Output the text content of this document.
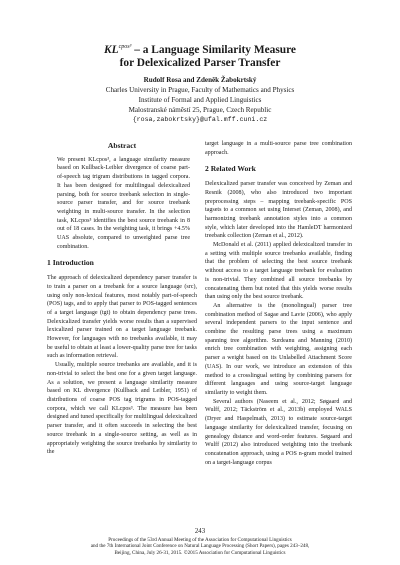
$KL^{cpos^3}$ – a Language Similarity Measure
for Delexicalized Parser Transfer
Rudolf Rosa and Zdeněk Žabokrtský
Charles University in Prague, Faculty of Mathematics and Physics
Institute of Formal and Applied Linguistics
Malostranské náměstí 25, Prague, Czech Republic
{rosa,zabokrtsky}@ufal.mff.cuni.cz
Abstract

We present KLcpos³, a language similarity measure based on Kullback-Leibler divergence of coarse part-of-speech tag trigram distributions in tagged corpora. It has been designed for multilingual delexicalized parsing, both for source treebank selection in single-source parser transfer, and for source treebank weighting in multi-source transfer. In the selection task, KLcpos³ identifies the best source treebank in 8 out of 18 cases. In the weighting task, it brings +4.5% UAS absolute, compared to unweighted parse tree combination.

1 Introduction

The approach of delexicalized dependency parser transfer is to train a parser on a treebank for a source language (src), using only non-lexical features, most notably part-of-speech (POS) tags, and to apply that parser to POS-tagged sentences of a target language (tgt) to obtain dependency parse trees. Delexicalized transfer yields worse results than a supervised lexicalized parser trained on a target language treebank. However, for languages with no treebanks available, it may be useful to obtain at least a lower-quality parse tree for tasks such as information retrieval.

Usually, multiple source treebanks are available, and it is non-trivial to select the best one for a given target language. As a solution, we present a language similarity measure based on KL divergence (Kullback and Leibler, 1951) of distributions of coarse POS tag trigrams in POS-tagged corpora, which we call KLcpos³. The measure has been designed and tuned specifically for multilingual delexicalized parser transfer, and it often succeeds in selecting the best source treebank in a single-source setting, as well as in appropriately weighting the source treebanks by similarity to the

target language in a multi-source parse tree combination approach.

2 Related Work

Delexicalized parser transfer was conceived by Zeman and Resnik (2008), who also introduced two important preprocessing steps – mapping treebank-specific POS tagsets to a common set using Interset (Zeman, 2008), and harmonizing treebank annotation styles into a common style, which later developed into the HamleDT harmonized treebank collection (Zeman et al., 2012).

McDonald et al. (2011) applied delexicalized transfer in a setting with multiple source treebanks available, finding that the problem of selecting the best source treebank without access to a target language treebank for evaluation is non-trivial. They combined all source treebanks by concatenating them but noted that this yields worse results than using only the best source treebank.

An alternative is the (monolingual) parser tree combination method of Sagae and Lavie (2006), who apply several independent parsers to the input sentence and combine the resulting parse trees using a maximum spanning tree algorithm. Surdeanu and Manning (2010) enrich tree combination with weighting, assigning each parser a weight based on its Unlabelled Attachment Score (UAS). In our work, we introduce an extension of this method to a crosslingual setting by combining parsers for different languages and using source-target language similarity to weight them.

Several authors (Naseem et al., 2012; Søgaard and Wulff, 2012; Täckström et al., 2013b) employed WALS (Dryer and Haspelmath, 2013) to estimate source-target language similarity for delexicalized transfer, focusing on genealogy distance and word-order features. Søgaard and Wulff (2012) also introduced weighting into the treebank concatenation approach, using a POS n-gram model trained on a target-language corpus

243
Proceedings of the 53rd Annual Meeting of the Association for Computational Linguistics
and the 7th International Joint Conference on Natural Language Processing (Short Papers), pages 243–248,
Beijing, China, July 26-31, 2015. ©2015 Association for Computational Linguistics
